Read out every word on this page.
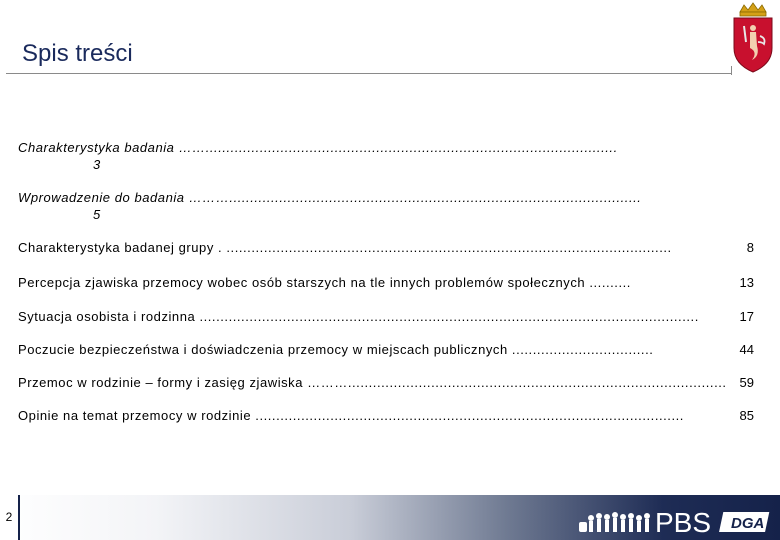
Spis treści
Charakterystyka badania ……...................................................................................................
3
Wprowadzenie do badania ………...................................................................................................
5
Charakterystyka badanej grupy . ...........................................................................................................	8
Percepcja zjawiska przemocy wobec osób starszych na tle innych problemów społecznych ..........	13
Sytuacja osobista i rodzinna ........................................................................................................................	17
Poczucie bezpieczeństwa i doświadczenia przemocy w miejscach publicznych ..................................	44
Przemoc w rodzinie – formy i zasięg zjawiska ………........................................................................................... 59
Opinie na temat przemocy w rodzinie .......................................................................................................	85
2	PBS DGA
